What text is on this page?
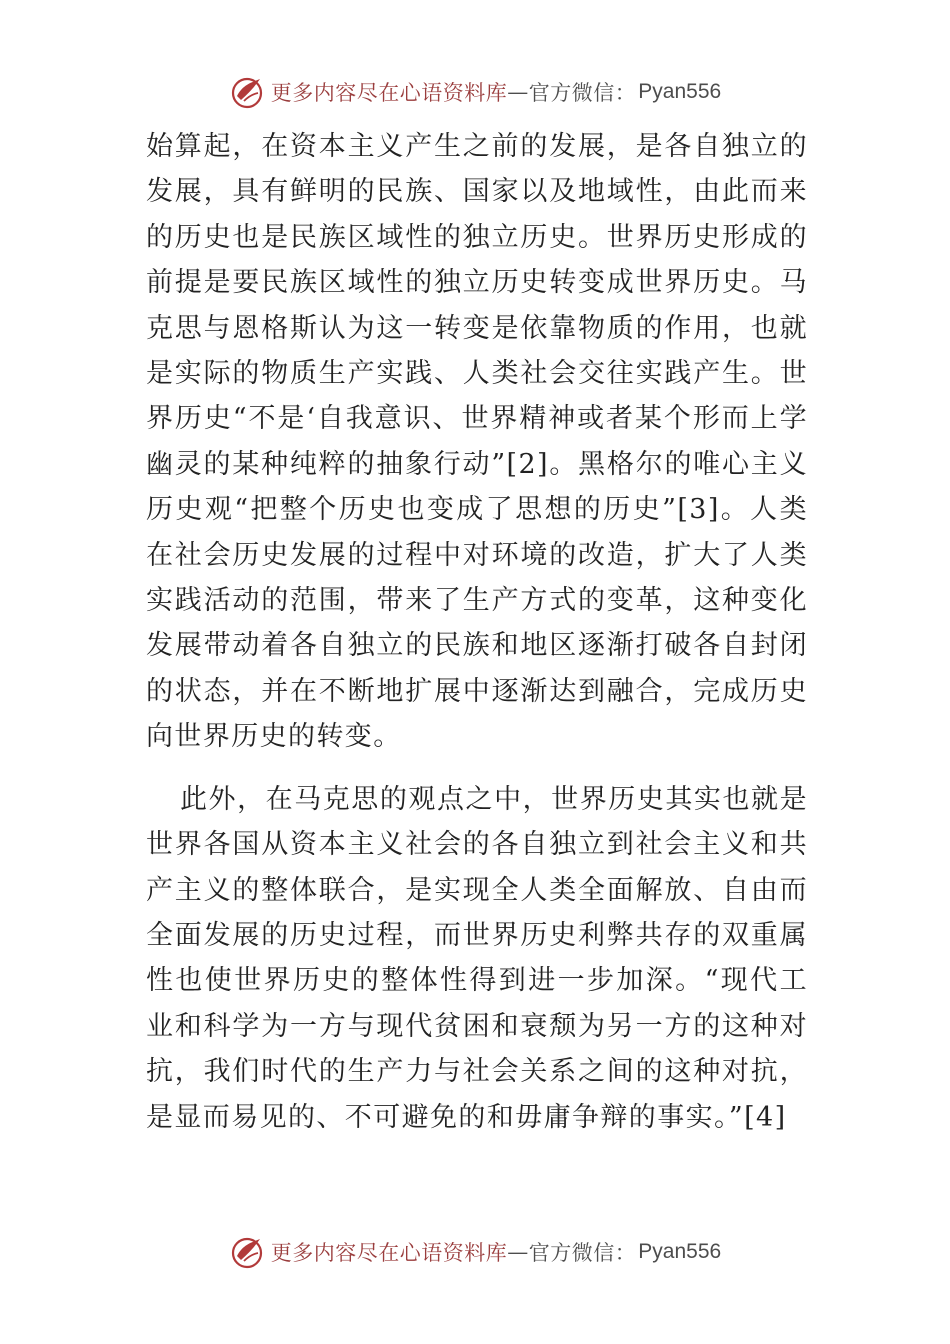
更多内容尽在心语资料库 — 官方微信： Pyan556

始算起，在资本主义产生之前的发展，是各自独立的发展，具有鲜明的民族、国家以及地域性，由此而来的历史也是民族区域性的独立历史。世界历史形成的前提是要民族区域性的独立历史转变成世界历史。马克思与恩格斯认为这一转变是依靠物质的作用，也就是实际的物质生产实践、人类社会交往实践产生。世界历史“不是‘自我意识、世界精神或者某个形而上学幽灵的某种纯粹的抽象行动”[2]。黑格尔的唯心主义历史观“把整个历史也变成了思想的历史”[3]。人类在社会历史发展的过程中对环境的改造，扩大了人类实践活动的范围，带来了生产方式的变革，这种变化发展带动着各自独立的民族和地区逐渐打破各自封闭的状态，并在不断地扩展中逐渐达到融合，完成历史向世界历史的转变。

此外，在马克思的观点之中，世界历史其实也就是世界各国从资本主义社会的各自独立到社会主义和共产主义的整体联合，是实现全人类全面解放、自由而全面发展的历史过程，而世界历史利弊共存的双重属性也使世界历史的整体性得到进一步加深。“现代工业和科学为一方与现代贫困和衰颓为另一方的这种对抗，我们时代的生产力与社会关系之间的这种对抗，是显而易见的、不可避免的和毋庸争辩的事实。”[4]

更多内容尽在心语资料库 — 官方微信： Pyan556
